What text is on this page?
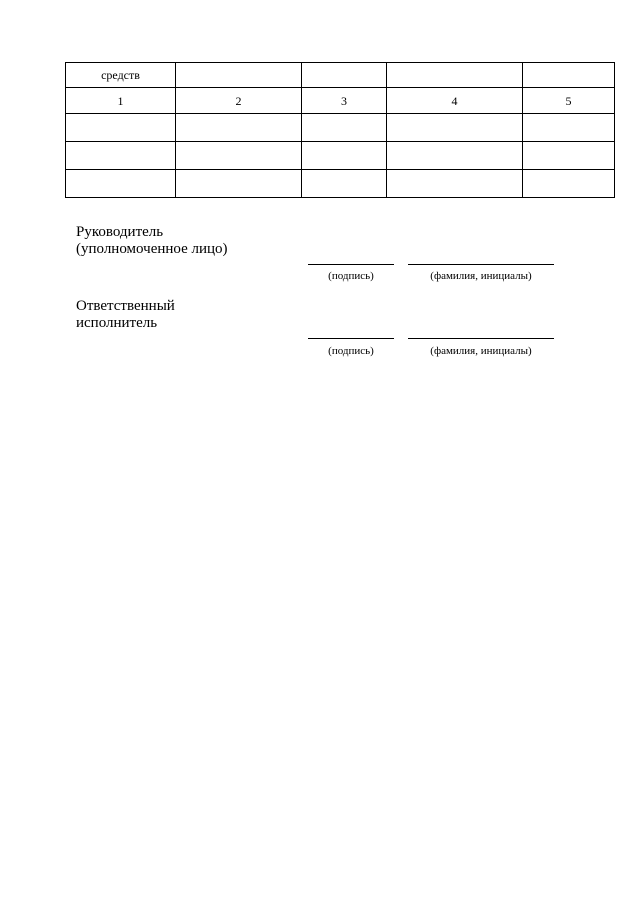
средств				
1	2	3	4	5

Руководитель
(уполномоченное лицо)
(подпись)	(фамилия, инициалы)
Ответственный
исполнитель
(подпись)	(фамилия, инициалы)
